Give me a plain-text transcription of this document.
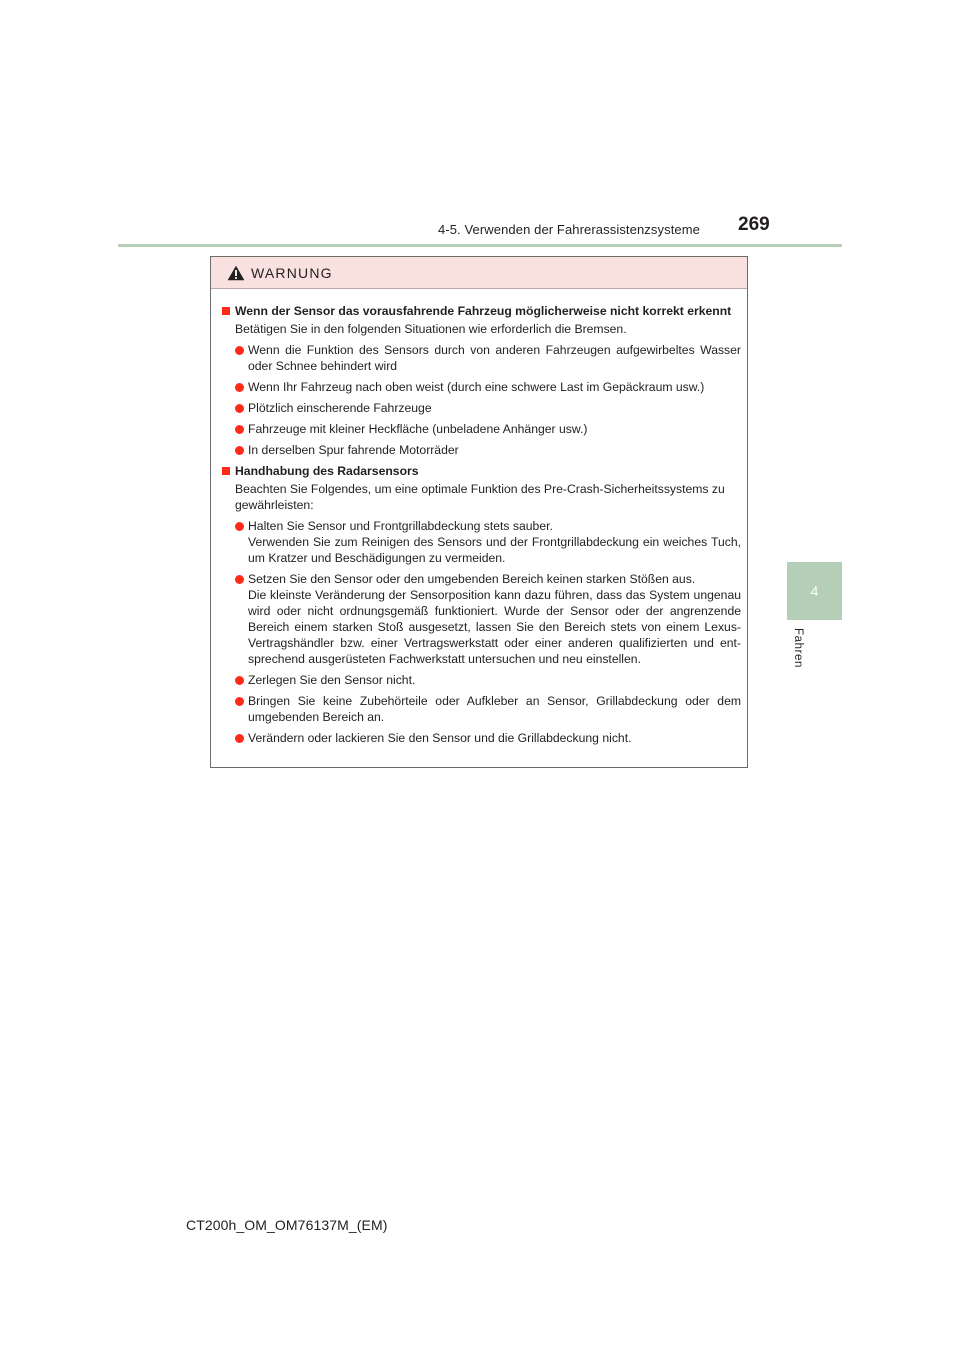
4-5. Verwenden der Fahrerassistenzsysteme 269
4
Fahren
WARNUNG
Wenn der Sensor das vorausfahrende Fahrzeug möglicherweise nicht korrekt erkennt
Betätigen Sie in den folgenden Situationen wie erforderlich die Bremsen.
Wenn die Funktion des Sensors durch von anderen Fahrzeugen aufgewirbeltes Wasser oder Schnee behindert wird
Wenn Ihr Fahrzeug nach oben weist (durch eine schwere Last im Gepäckraum usw.)
Plötzlich einscherende Fahrzeuge
Fahrzeuge mit kleiner Heckfläche (unbeladene Anhänger usw.)
In derselben Spur fahrende Motorräder
Handhabung des Radarsensors
Beachten Sie Folgendes, um eine optimale Funktion des Pre-Crash-Sicherheitssystems zu gewährleisten:
Halten Sie Sensor und Frontgrillabdeckung stets sauber.
Verwenden Sie zum Reinigen des Sensors und der Frontgrillabdeckung ein weiches Tuch, um Kratzer und Beschädigungen zu vermeiden.
Setzen Sie den Sensor oder den umgebenden Bereich keinen starken Stößen aus.
Die kleinste Veränderung der Sensorposition kann dazu führen, dass das System ungenau wird oder nicht ordnungsgemäß funktioniert. Wurde der Sensor oder der angrenzende Bereich einem starken Stoß ausgesetzt, lassen Sie den Bereich stets von einem Lexus-Vertragshändler bzw. einer Vertragswerkstatt oder einer anderen qualifizierten und ent-sprechend ausgerüsteten Fachwerkstatt untersuchen und neu einstellen.
Zerlegen Sie den Sensor nicht.
Bringen Sie keine Zubehörteile oder Aufkleber an Sensor, Grillabdeckung oder dem umgebenden Bereich an.
Verändern oder lackieren Sie den Sensor und die Grillabdeckung nicht.
CT200h_OM_OM76137M_(EM)
